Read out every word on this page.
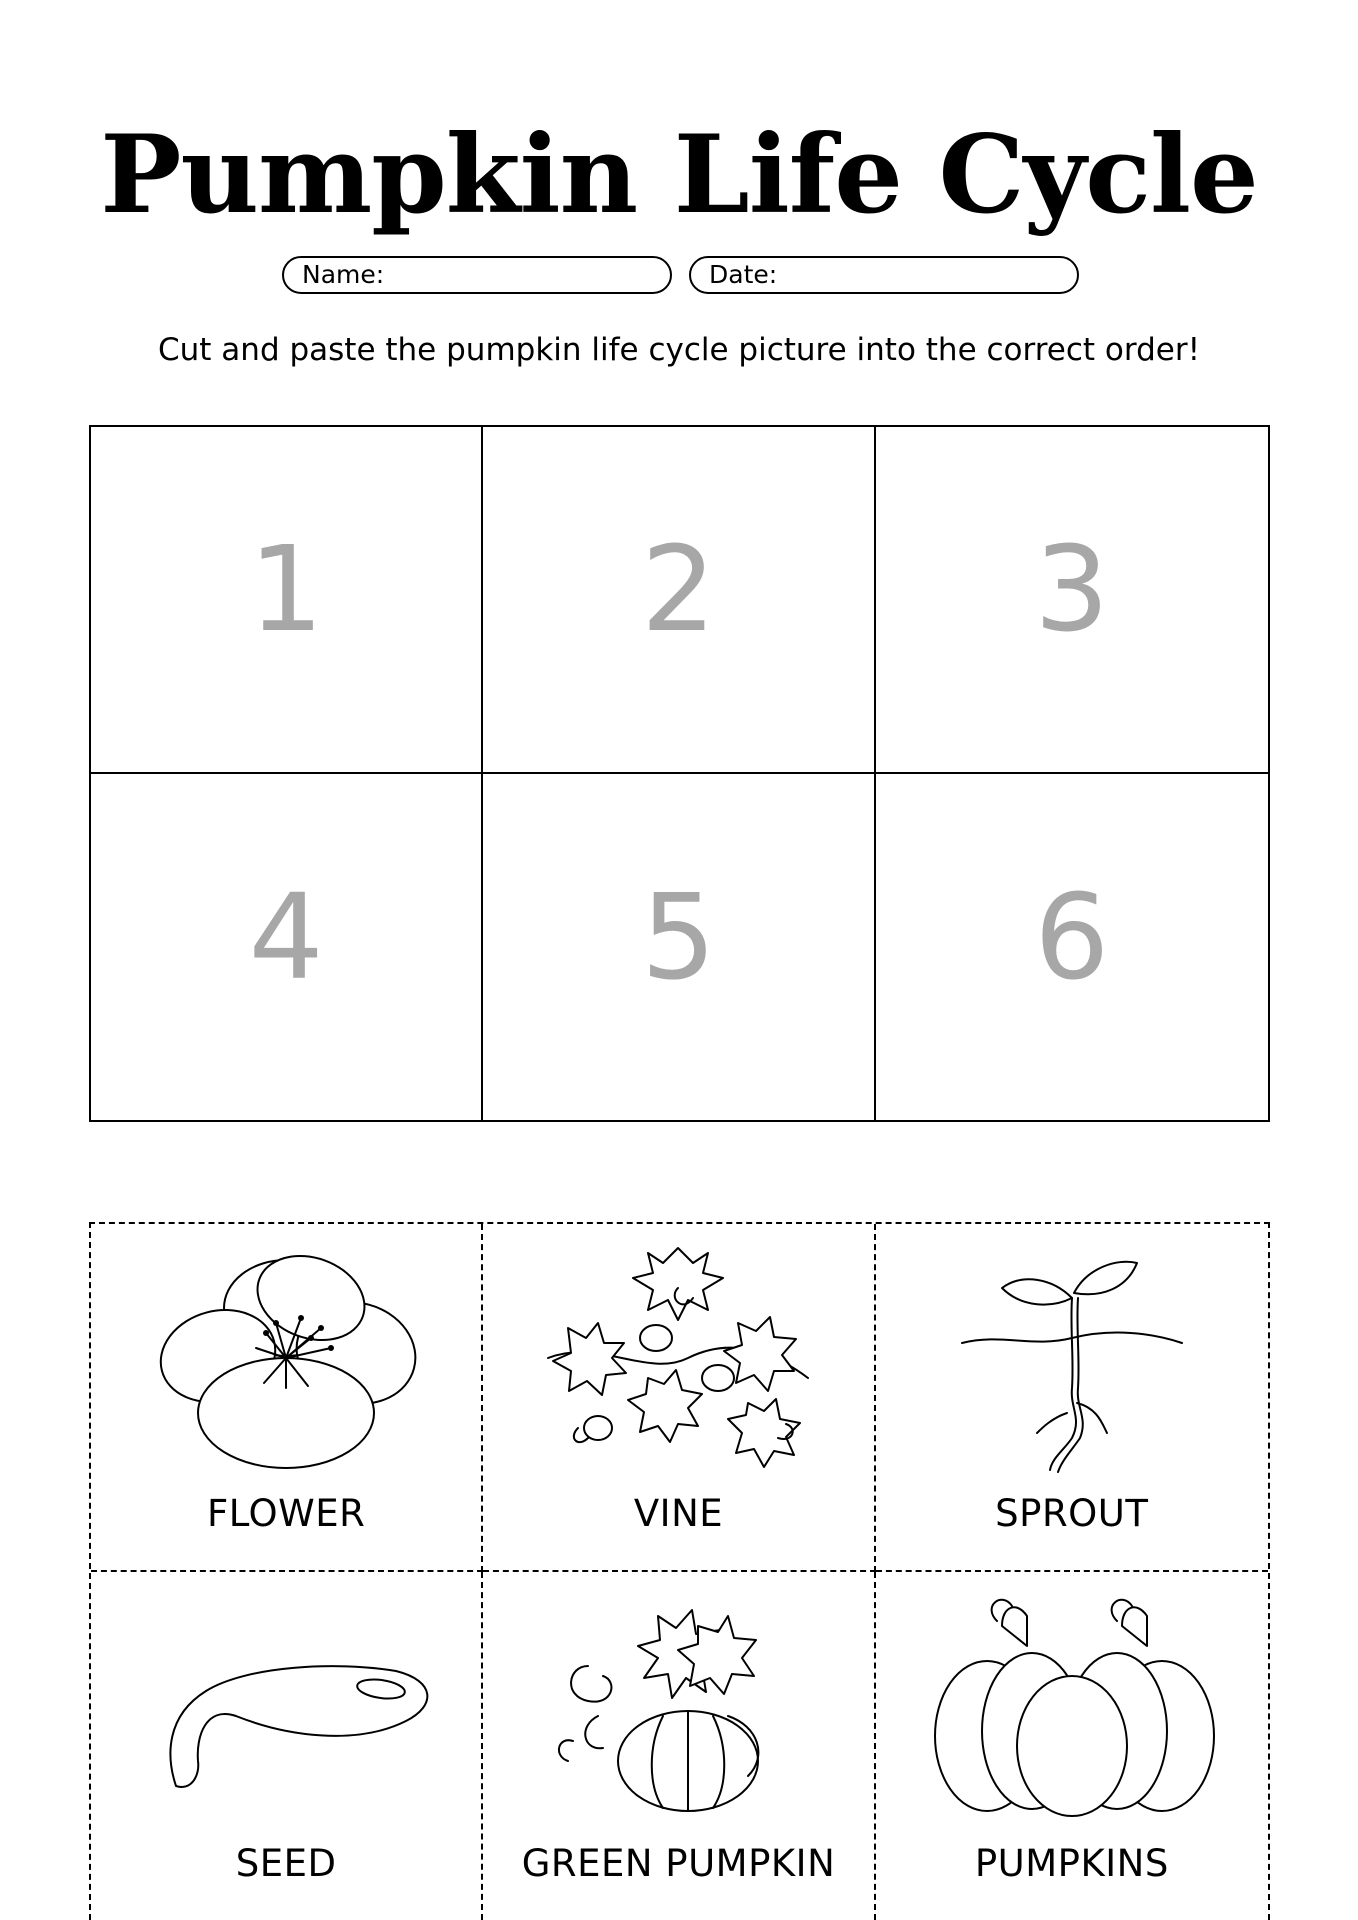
Pumpkin Life Cycle
Name:	Date:
Cut and paste the pumpkin life cycle picture into the correct order!
1	2	3
4	5	6
FLOWER	VINE	SPROUT
SEED	GREEN PUMPKIN	PUMPKINS
